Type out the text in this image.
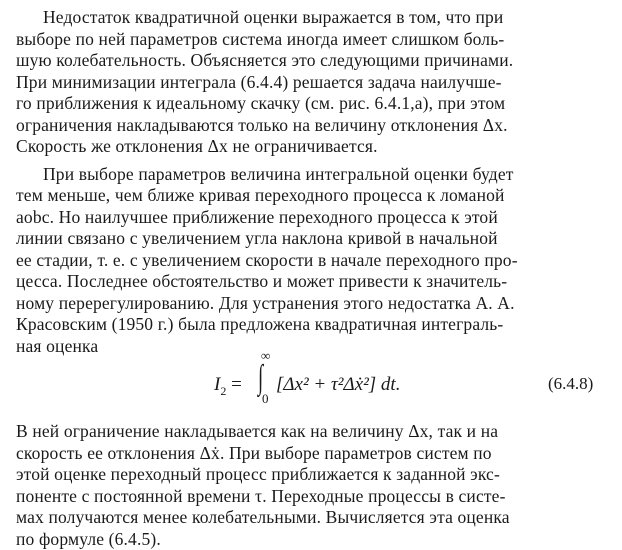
Недостаток квадратичной оценки выражается в том, что при
выборе по ней параметров система иногда имеет слишком боль-
шую колебательность. Объясняется это следующими причинами.
При минимизации интеграла (6.4.4) решается задача наилучше-
го приближения к идеальному скачку (см. рис. 6.4.1,а), при этом
ограничения накладываются только на величину отклонения Δx.
Скорость же отклонения Δx не ограничивается.
При выборе параметров величина интегральной оценки будет
тем меньше, чем ближе кривая переходного процесса к ломаной
aobc. Но наилучшее приближение переходного процесса к этой
линии связано с увеличением угла наклона кривой в начальной
ее стадии, т. е. с увеличением скорости в начале переходного про-
цесса. Последнее обстоятельство и может привести к значитель-
ному перерегулированию. Для устранения этого недостатка А. А.
Красовским (1950 г.) была предложена квадратичная интеграль-
ная оценка
$I_2$ =
∞
∫
0
[Δx² + τ²Δẋ²] dt.	(6.4.8)
В ней ограничение накладывается как на величину Δx, так и на
скорость ее отклонения Δẋ. При выборе параметров систем по
этой оценке переходный процесс приближается к заданной экс-
поненте с постоянной времени τ. Переходные процессы в систе-
мах получаются менее колебательными. Вычисляется эта оценка
по формуле (6.4.5).
